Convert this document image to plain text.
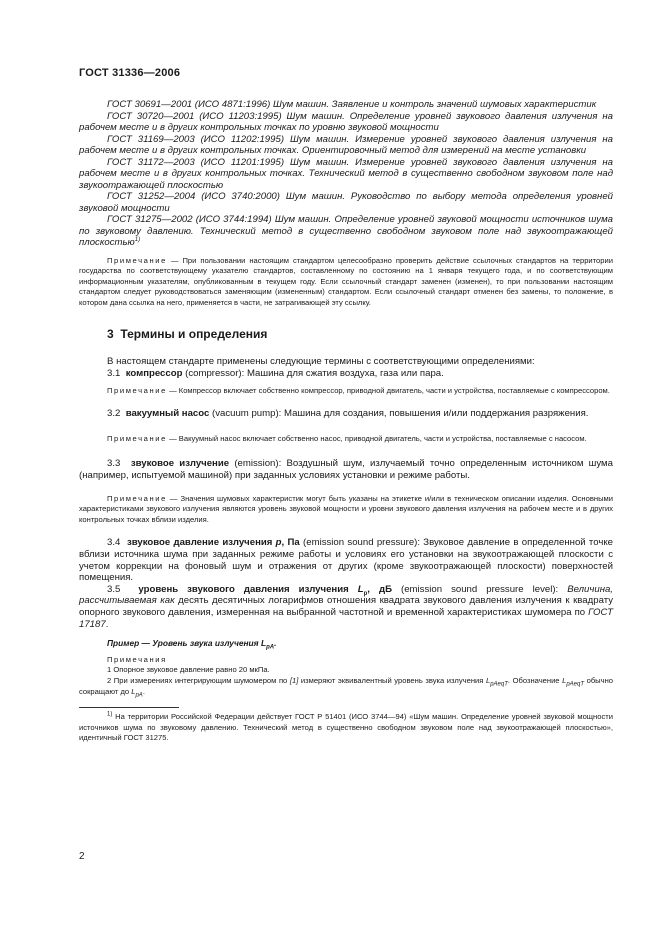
ГОСТ 31336—2006

ГОСТ 30691—2001 (ИСО 4871:1996) Шум машин. Заявление и контроль значений шумовых характеристик

ГОСТ 30720—2001 (ИСО 11203:1995) Шум машин. Определение уровней звукового давления излучения на рабочем месте и в других контрольных точках по уровню звуковой мощности

ГОСТ 31169—2003 (ИСО 11202:1995) Шум машин. Измерение уровней звукового давления излучения на рабочем месте и в других контрольных точках. Ориентировочный метод для измерений на месте установки

ГОСТ 31172—2003 (ИСО 11201:1995) Шум машин. Измерение уровней звукового давления излучения на рабочем месте и в других контрольных точках. Технический метод в существенно свободном звуковом поле над звукоотражающей плоскостью

ГОСТ 31252—2004 (ИСО 3740:2000) Шум машин. Руководство по выбору метода определения уровней звуковой мощности

ГОСТ 31275—2002 (ИСО 3744:1994) Шум машин. Определение уровней звуковой мощности источников шума по звуковому давлению. Технический метод в существенно свободном звуковом поле над звукоотражающей плоскостью$^{1)}$

Примечание — При пользовании настоящим стандартом целесообразно проверить действие ссылочных стандартов на территории государства по соответствующему указателю стандартов, составленному по состоянию на 1 января текущего года, и по соответствующим информационным указателям, опубликованным в текущем году. Если ссылочный стандарт заменен (изменен), то при пользовании настоящим стандартом следует руководствоваться заменяющим (измененным) стандартом. Если ссылочный стандарт отменен без замены, то положение, в котором дана ссылка на него, применяется в части, не затрагивающей эту ссылку.

3 Термины и определения

В настоящем стандарте применены следующие термины с соответствующими определениями:

3.1 компрессор (compressor): Машина для сжатия воздуха, газа или пара.

Примечание — Компрессор включает собственно компрессор, приводной двигатель, части и устройства, поставляемые с компрессором.

3.2 вакуумный насос (vacuum pump): Машина для создания, повышения и/или поддержания разряжения.

Примечание — Вакуумный насос включает собственно насос, приводной двигатель, части и устройства, поставляемые с насосом.

3.3 звуковое излучение (emission): Воздушный шум, излучаемый точно определенным источником шума (например, испытуемой машиной) при заданных условиях установки и режиме работы.

Примечание — Значения шумовых характеристик могут быть указаны на этикетке и/или в техническом описании изделия. Основными характеристиками звукового излучения являются уровень звуковой мощности и уровни звукового давления излучения на рабочем месте и в других контрольных точках вблизи изделия.

3.4 звуковое давление излучения p, Па (emission sound pressure): Звуковое давление в определенной точке вблизи источника шума при заданных режиме работы и условиях его установки на звукоотражающей плоскости с учетом коррекции на фоновый шум и отражения от других (кроме звукоотражающей плоскости) поверхностей помещения.

3.5 уровень звукового давления излучения $L_p$, дБ (emission sound pressure level): Величина, рассчитываемая как десять десятичных логарифмов отношения квадрата звукового давления излучения к квадрату опорного звукового давления, измеренная на выбранной частотной и временной характеристиках шумомера по ГОСТ 17187.

Пример — Уровень звука излучения $L_{pA}$.

Примечания

1 Опорное звуковое давление равно 20 мкПа.

2 При измерениях интегрирующим шумомером по [1] измеряют эквивалентный уровень звука излучения $L_{pAeqT}$. Обозначение $L_{pAeqT}$ обычно сокращают до $L_{pA}$.

$^{1)}$ На территории Российской Федерации действует ГОСТ Р 51401 (ИСО 3744—94) «Шум машин. Определение уровней звуковой мощности источников шума по звуковому давлению. Технический метод в существенно свободном звуковом поле над звукоотражающей плоскостью», идентичный ГОСТ 31275.

2
